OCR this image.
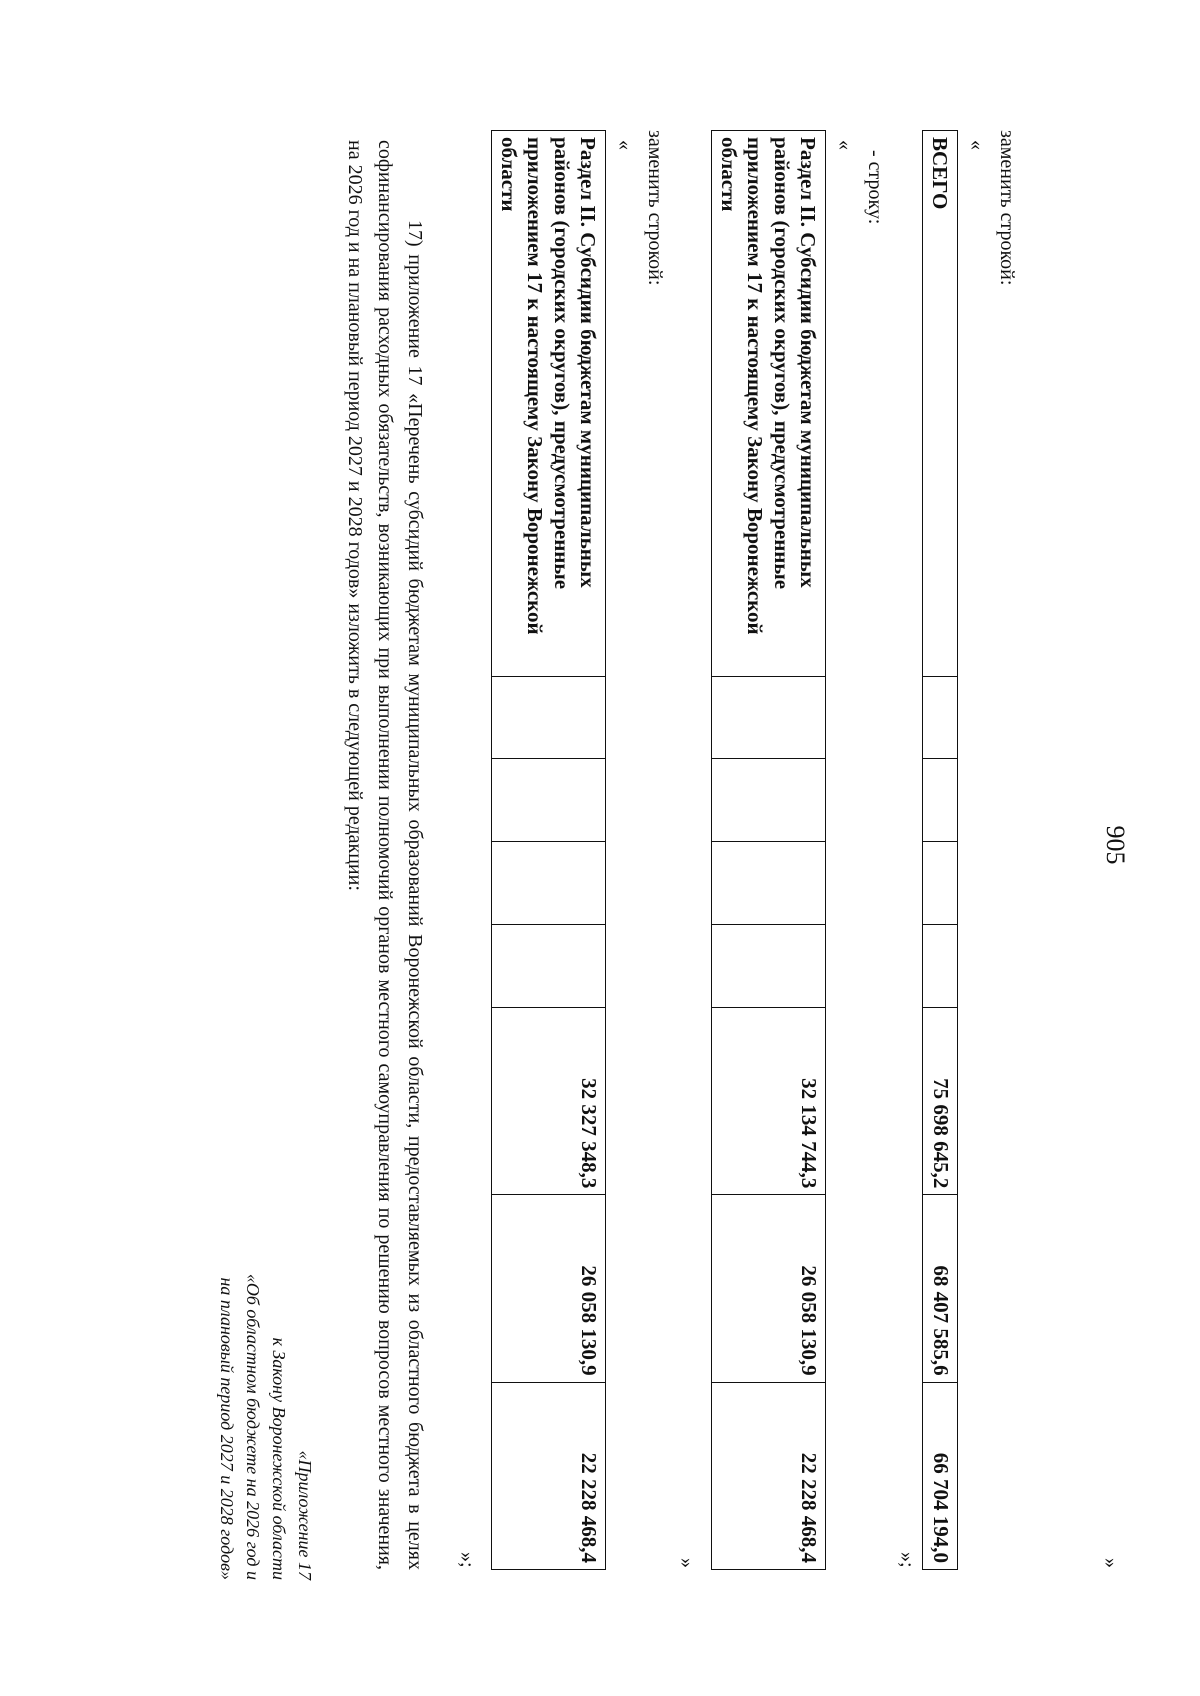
905
»
заменить строкой:
«
ВСЕГО					75 698 645,2	68 407 585,6	66 704 194,0
»;
- строку:
«
Раздел II. Субсидии бюджетам муниципальных районов (городских округов), предусмотренные приложением 17 к настоящему Закону Воронежской области					32 134 744,3	26 058 130,9	22 228 468,4
»
заменить строкой:
«
Раздел II. Субсидии бюджетам муниципальных районов (городских округов), предусмотренные приложением 17 к настоящему Закону Воронежской области					32 327 348,3	26 058 130,9	22 228 468,4
»;
17) приложение 17 «Перечень субсидий бюджетам муниципальных образований Воронежской области, предоставляемых из областного бюджета в целях софинансирования расходных обязательств, возникающих при выполнении полномочий органов местного самоуправления по решению вопросов местного значения, на 2026 год и на плановый период 2027 и 2028 годов» изложить в следующей редакции:
«Приложение 17
к Закону Воронежской области
«Об областном бюджете на 2026 год и
на плановый период 2027 и 2028 годов»
